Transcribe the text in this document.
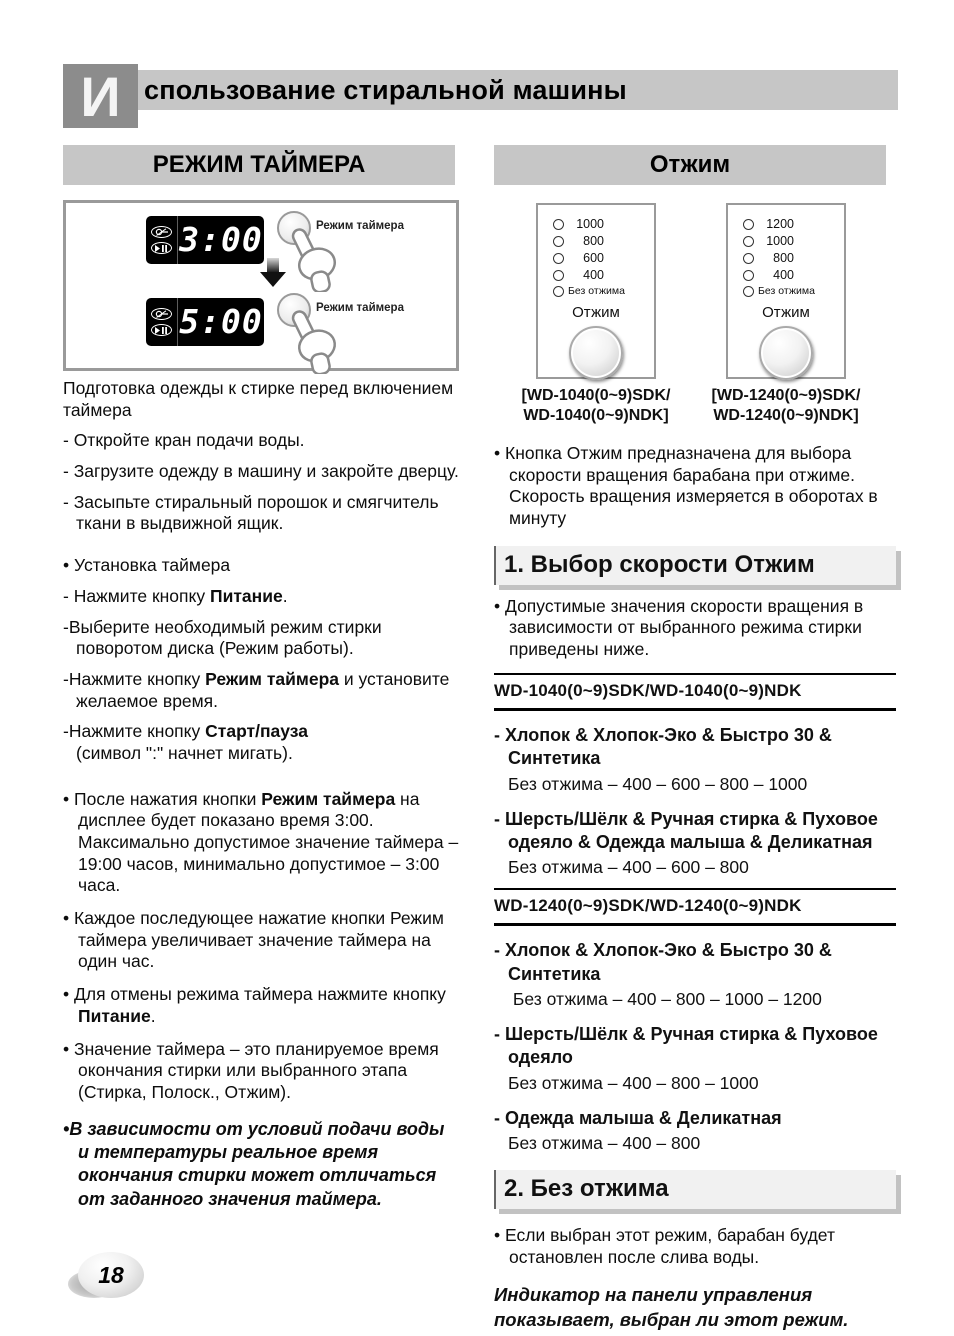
И спользование стиральной машины
РЕЖИМ ТАЙМЕРА	Отжим
3:00	Режим таймера
5:00	Режим таймера
Подготовка одежды к стирке перед включением таймера
- Откройте кран подачи воды.
- Загрузите одежду в машину и закройте дверцу.
- Засыпьте стиральный порошок и смягчитель ткани в выдвижной ящик.
• Установка таймера
- Нажмите кнопку Питание.
-Выберите необходимый режим стирки поворотом диска (Режим работы).
-Нажмите кнопку Режим таймера и установите желаемое время.
-Нажмите кнопку Старт/пауза
(символ ":" начнет мигать).
• После нажатия кнопки Режим таймера на дисплее будет показано время 3:00. Максимально допустимое значение таймера – 19:00 часов, минимально допустимое – 3:00 часа.
• Каждое последующее нажатие кнопки Режим таймера увеличивает значение таймера на один час.
• Для отмены режима таймера нажмите кнопку Питание.
• Значение таймера – это планируемое время окончания стирки или выбранного этапа (Стирка, Полоск., Отжим).
•В зависимости от условий подачи воды и температуры реальное время окончания стирки может отличаться от заданного значения таймера.
1000
800
600
400
Без отжима
Отжим
[WD-1040(0~9)SDK/
WD-1040(0~9)NDK]
1200
1000
800
400
Без отжима
Отжим
[WD-1240(0~9)SDK/
WD-1240(0~9)NDK]
• Кнопка Отжим предназначена для выбора скорости вращения барабана при отжиме. Скорость вращения измеряется в оборотах в минуту
1. Выбор скорости Отжим
• Допустимые значения скорости вращения в зависимости от выбранного режима стирки приведены ниже.
WD-1040(0~9)SDK/WD-1040(0~9)NDK
- Хлопок & Хлопок-Эко & Быстро 30 & Синтетика
Без отжима – 400 – 600 – 800 – 1000
- Шерсть/Шёлк & Ручная стирка & Пуховое одеяло & Одежда малыша & Деликатная
Без отжима – 400 – 600 – 800
WD-1240(0~9)SDK/WD-1240(0~9)NDK
- Хлопок & Хлопок-Эко & Быстро 30 & Синтетика
Без отжима – 400 – 800 – 1000 – 1200
- Шерсть/Шёлк & Ручная стирка & Пуховое одеяло
Без отжима – 400 – 800 – 1000
- Одежда малыша & Деликатная
Без отжима – 400 – 800
2. Без отжима
• Если выбран этот режим, барабан будет остановлен после слива воды.
Индикатор на панели управления показывает, выбран ли этот режим.
18
